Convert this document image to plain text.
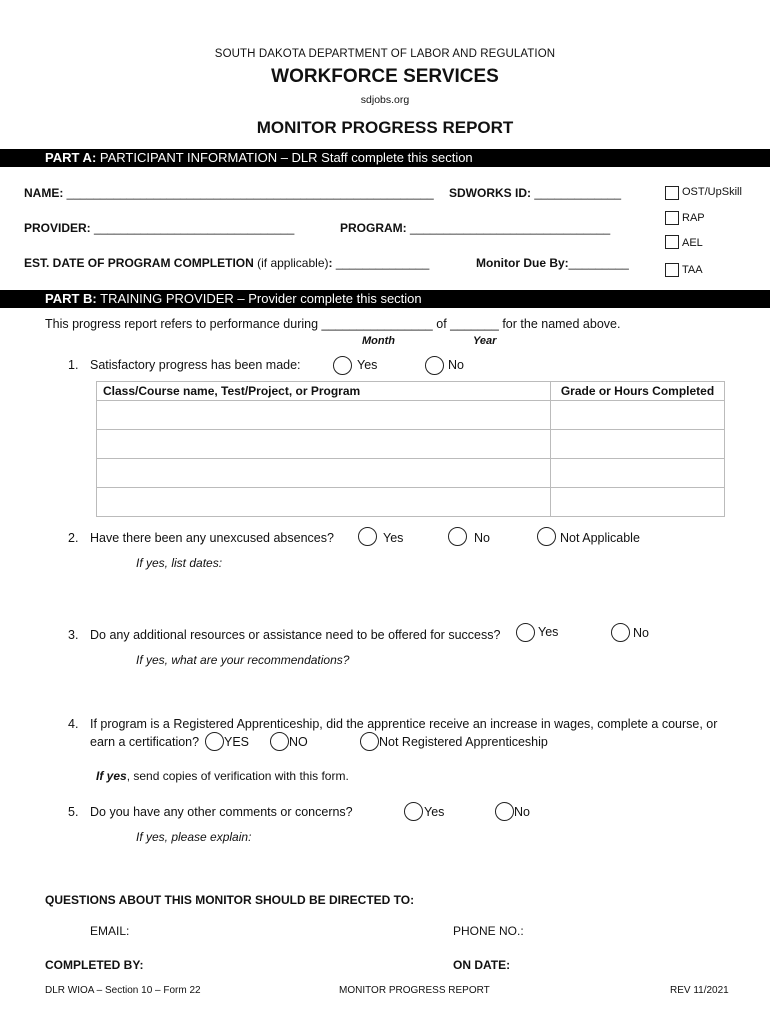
SOUTH DAKOTA DEPARTMENT OF LABOR AND REGULATION
WORKFORCE SERVICES
sdjobs.org
MONITOR PROGRESS REPORT
PART A: PARTICIPANT INFORMATION – DLR Staff complete this section
NAME: _______________________________________________________ SDWORKS ID: _____________
PROVIDER: ______________________________	PROGRAM: ______________________________
EST. DATE OF PROGRAM COMPLETION (if applicable): ______________	Monitor Due By:_________
OST/UpSkill
RAP
AEL
TAA
PART B: TRAINING PROVIDER – Provider complete this section
This progress report refers to performance during ________________ of _______ for the named above.
Month	Year
1. Satisfactory progress has been made:	Yes	No
Class/Course name, Test/Project, or Program	Grade or Hours Completed

2. Have there been any unexcused absences?	Yes	No	Not Applicable
If yes, list dates:
3. Do any additional resources or assistance need to be offered for success?	Yes	No
If yes, what are your recommendations?
4. If program is a Registered Apprenticeship, did the apprentice receive an increase in wages, complete a course, or
earn a certification? YES	NO	Not Registered Apprenticeship
If yes, send copies of verification with this form.
5. Do you have any other comments or concerns?	Yes	No
If yes, please explain:
QUESTIONS ABOUT THIS MONITOR SHOULD BE DIRECTED TO:
EMAIL:	PHONE NO.:
COMPLETED BY:	ON DATE:
DLR WIOA – Section 10 – Form 22	MONITOR PROGRESS REPORT	REV 11/2021
